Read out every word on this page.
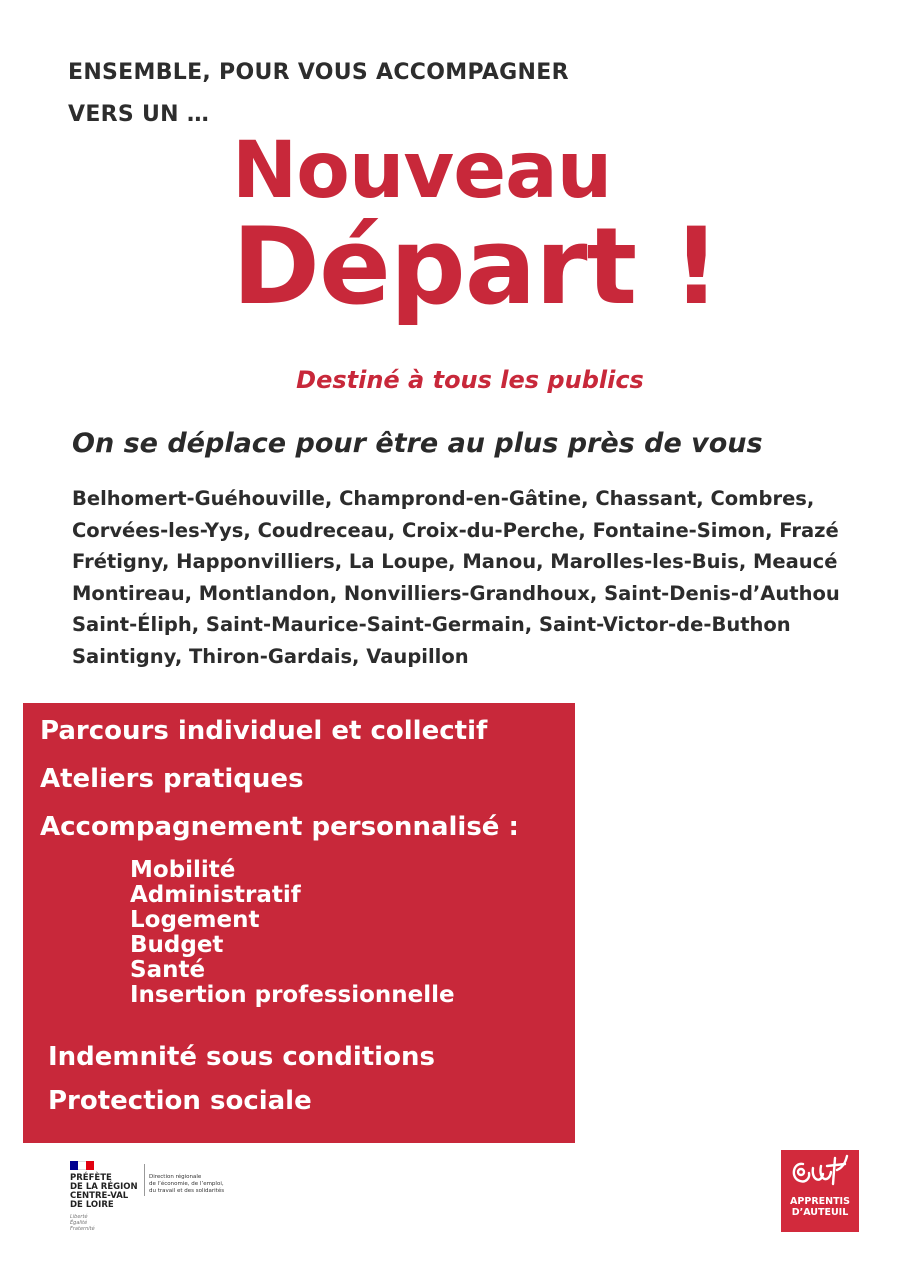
ENSEMBLE, POUR VOUS ACCOMPAGNER
VERS UN …
Nouveau
Départ !
Destiné à tous les publics
On se déplace pour être au plus près de vous
Belhomert-Guéhouville, Champrond-en-Gâtine, Chassant, Combres,
Corvées-les-Yys, Coudreceau, Croix-du-Perche, Fontaine-Simon, Frazé
Frétigny, Happonvilliers, La Loupe, Manou, Marolles-les-Buis, Meaucé
Montireau, Montlandon, Nonvilliers-Grandhoux, Saint-Denis-d’Authou
Saint-Éliph, Saint-Maurice-Saint-Germain, Saint-Victor-de-Buthon
Saintigny, Thiron-Gardais, Vaupillon
Parcours individuel et collectif
Ateliers pratiques
Accompagnement personnalisé :
Mobilité
Administratif
Logement
Budget
Santé
Insertion professionnelle
Indemnité sous conditions
Protection sociale
PRÉFÈTE
DE LA RÉGION
CENTRE-VAL
DE LOIRE
Liberté
Égalité
Fraternité
Direction régionale
de l’économie, de l’emploi,
du travail et des solidarités
APPRENTIS
D’AUTEUIL
